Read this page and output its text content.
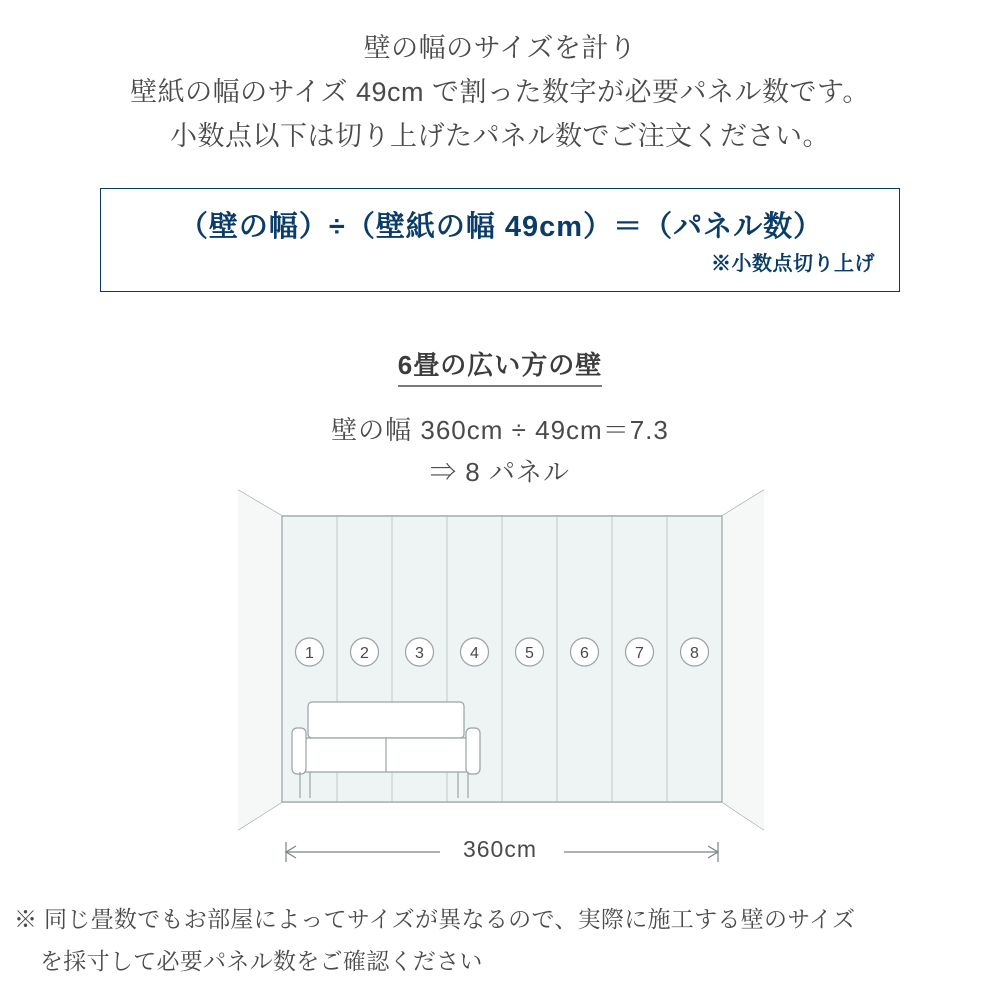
壁の幅のサイズを計り
壁紙の幅のサイズ 49cm で割った数字が必要パネル数です。
小数点以下は切り上げたパネル数でご注文ください。
（壁の幅）÷（壁紙の幅 49cm）＝（パネル数）
※小数点切り上げ
6畳の広い方の壁
壁の幅 360cm ÷ 49cm＝7.3
⇒ 8 パネル
1	2	3	4	5	6	7	8
360cm
※ 同じ畳数でもお部屋によってサイズが異なるので、実際に施工する壁のサイズ
を採寸して必要パネル数をご確認ください
